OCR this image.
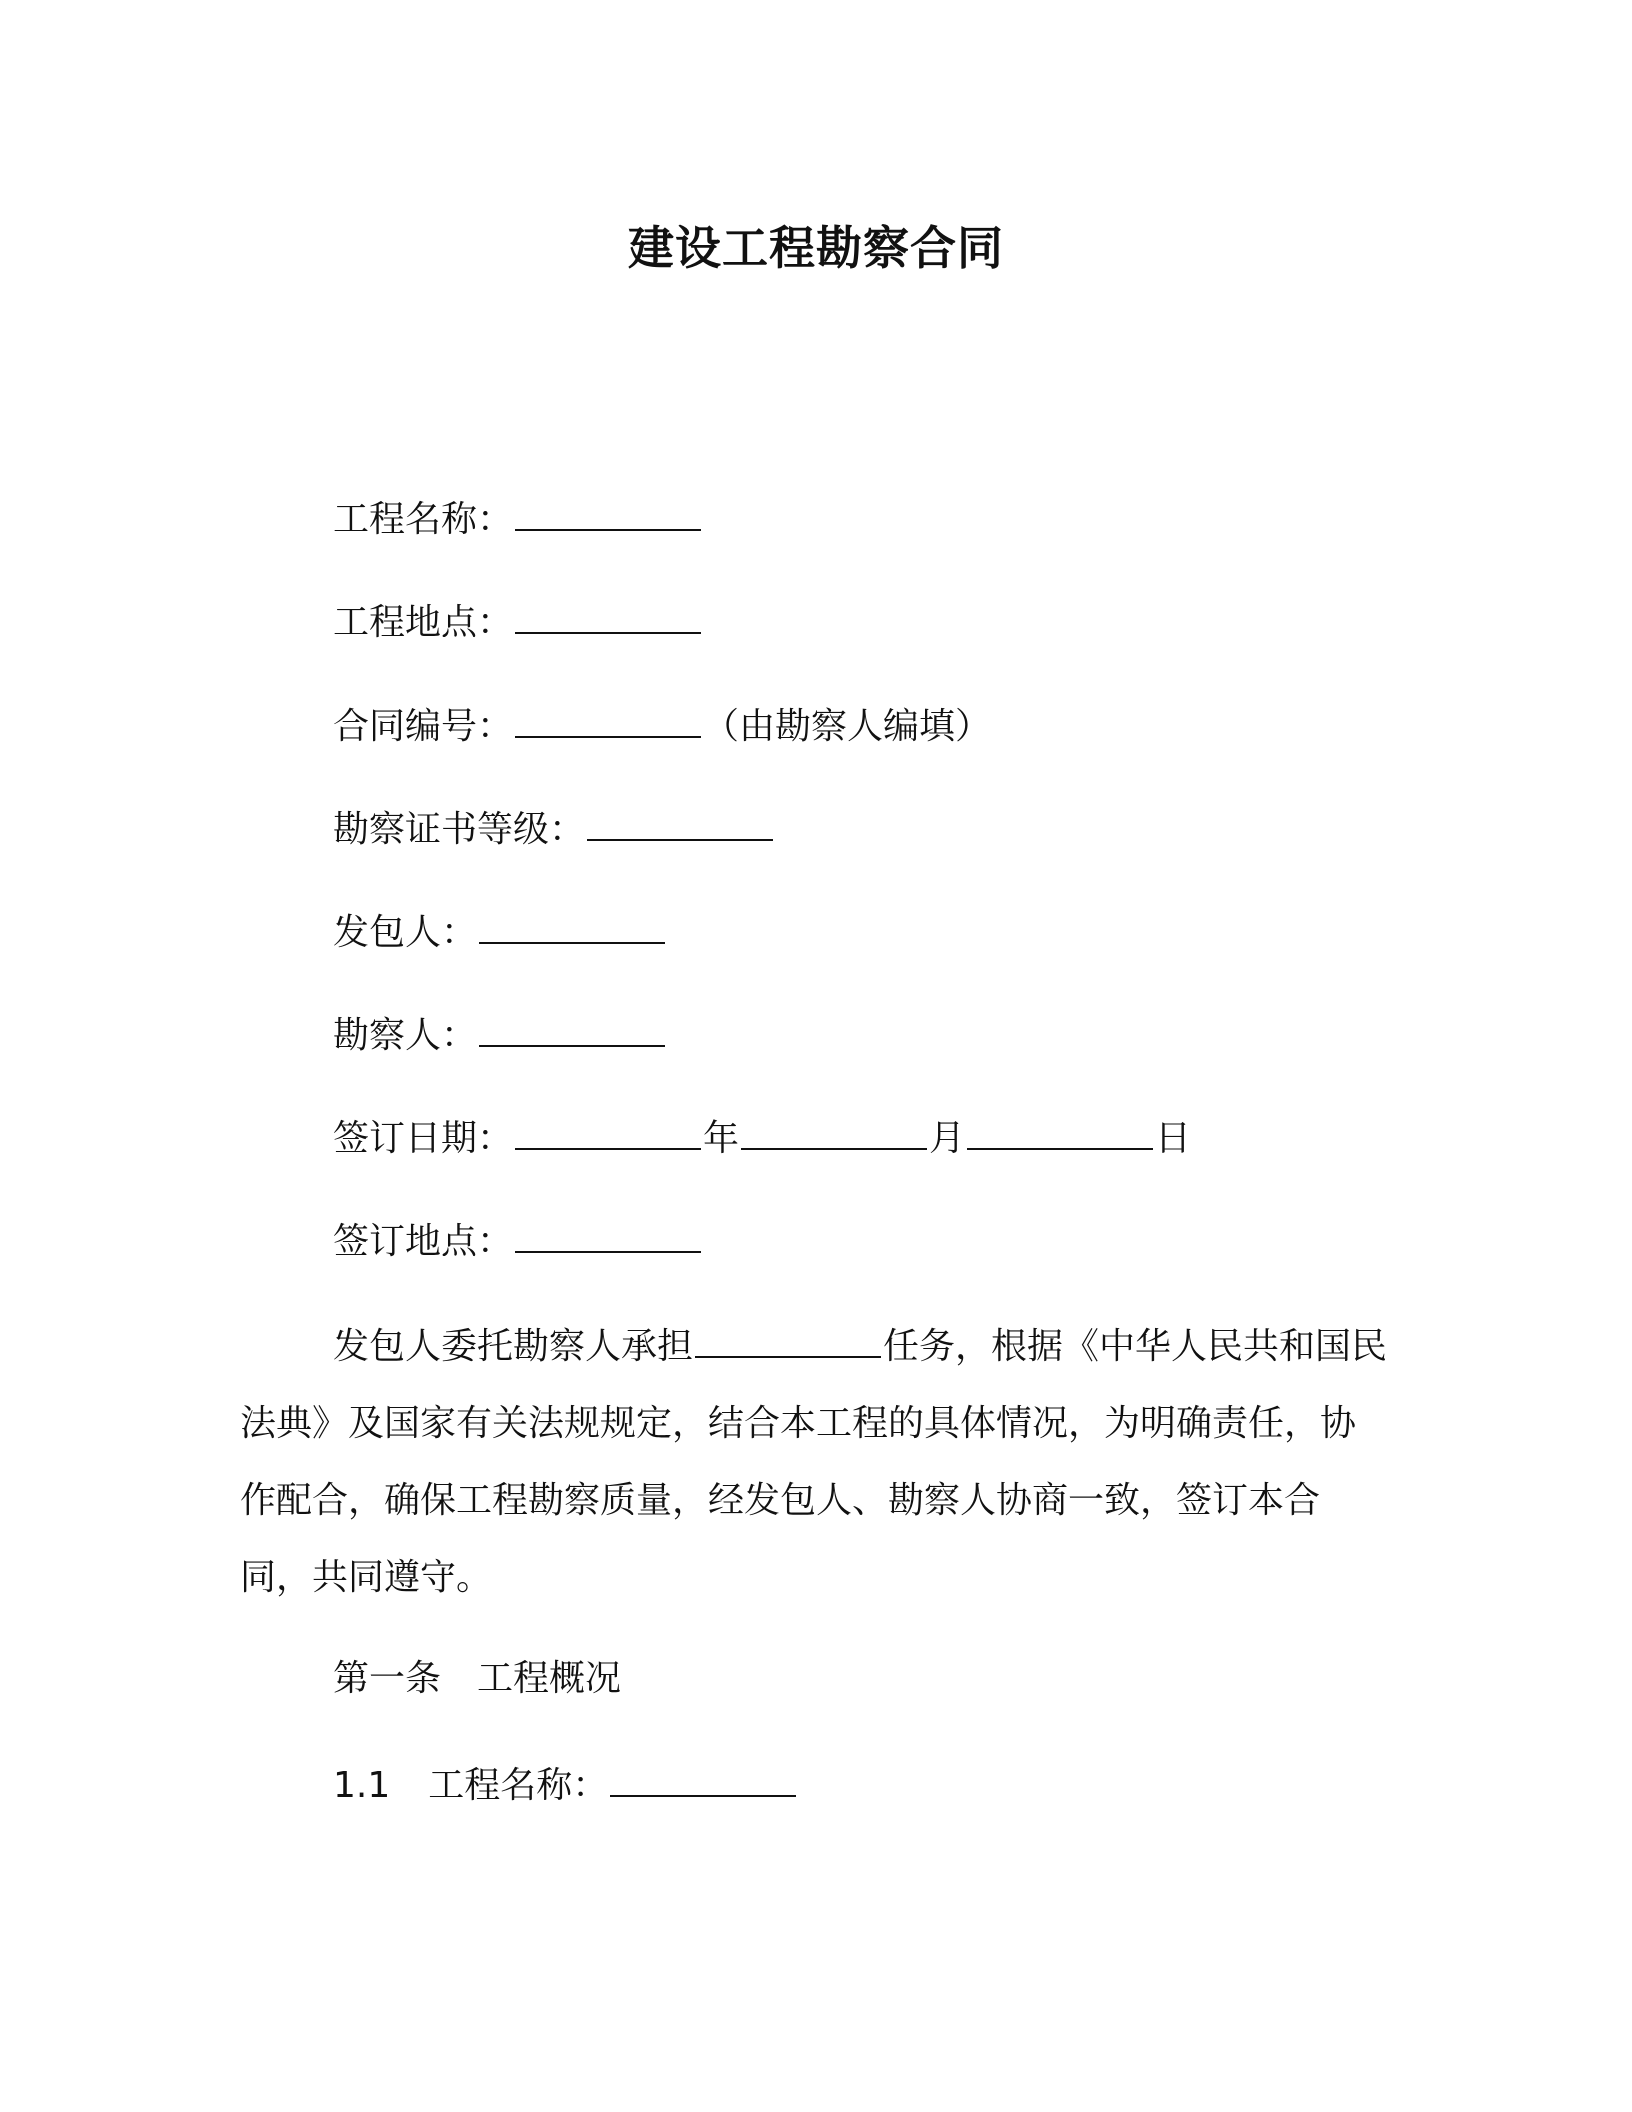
建设工程勘察合同
工程名称：
工程地点：
合同编号：	（由勘察人编填）
勘察证书等级：
发包人：
勘察人：
签订日期：	年	月	日
签订地点：

发包人委托勘察人承担	任务，根据《中华人民共和国民法典》及国家有关法规规定，结合本工程的具体情况，为明确责任，协作配合，确保工程勘察质量，经发包人、勘察人协商一致，签订本合同，共同遵守。

第一条　工程概况
1.1 工程名称：
